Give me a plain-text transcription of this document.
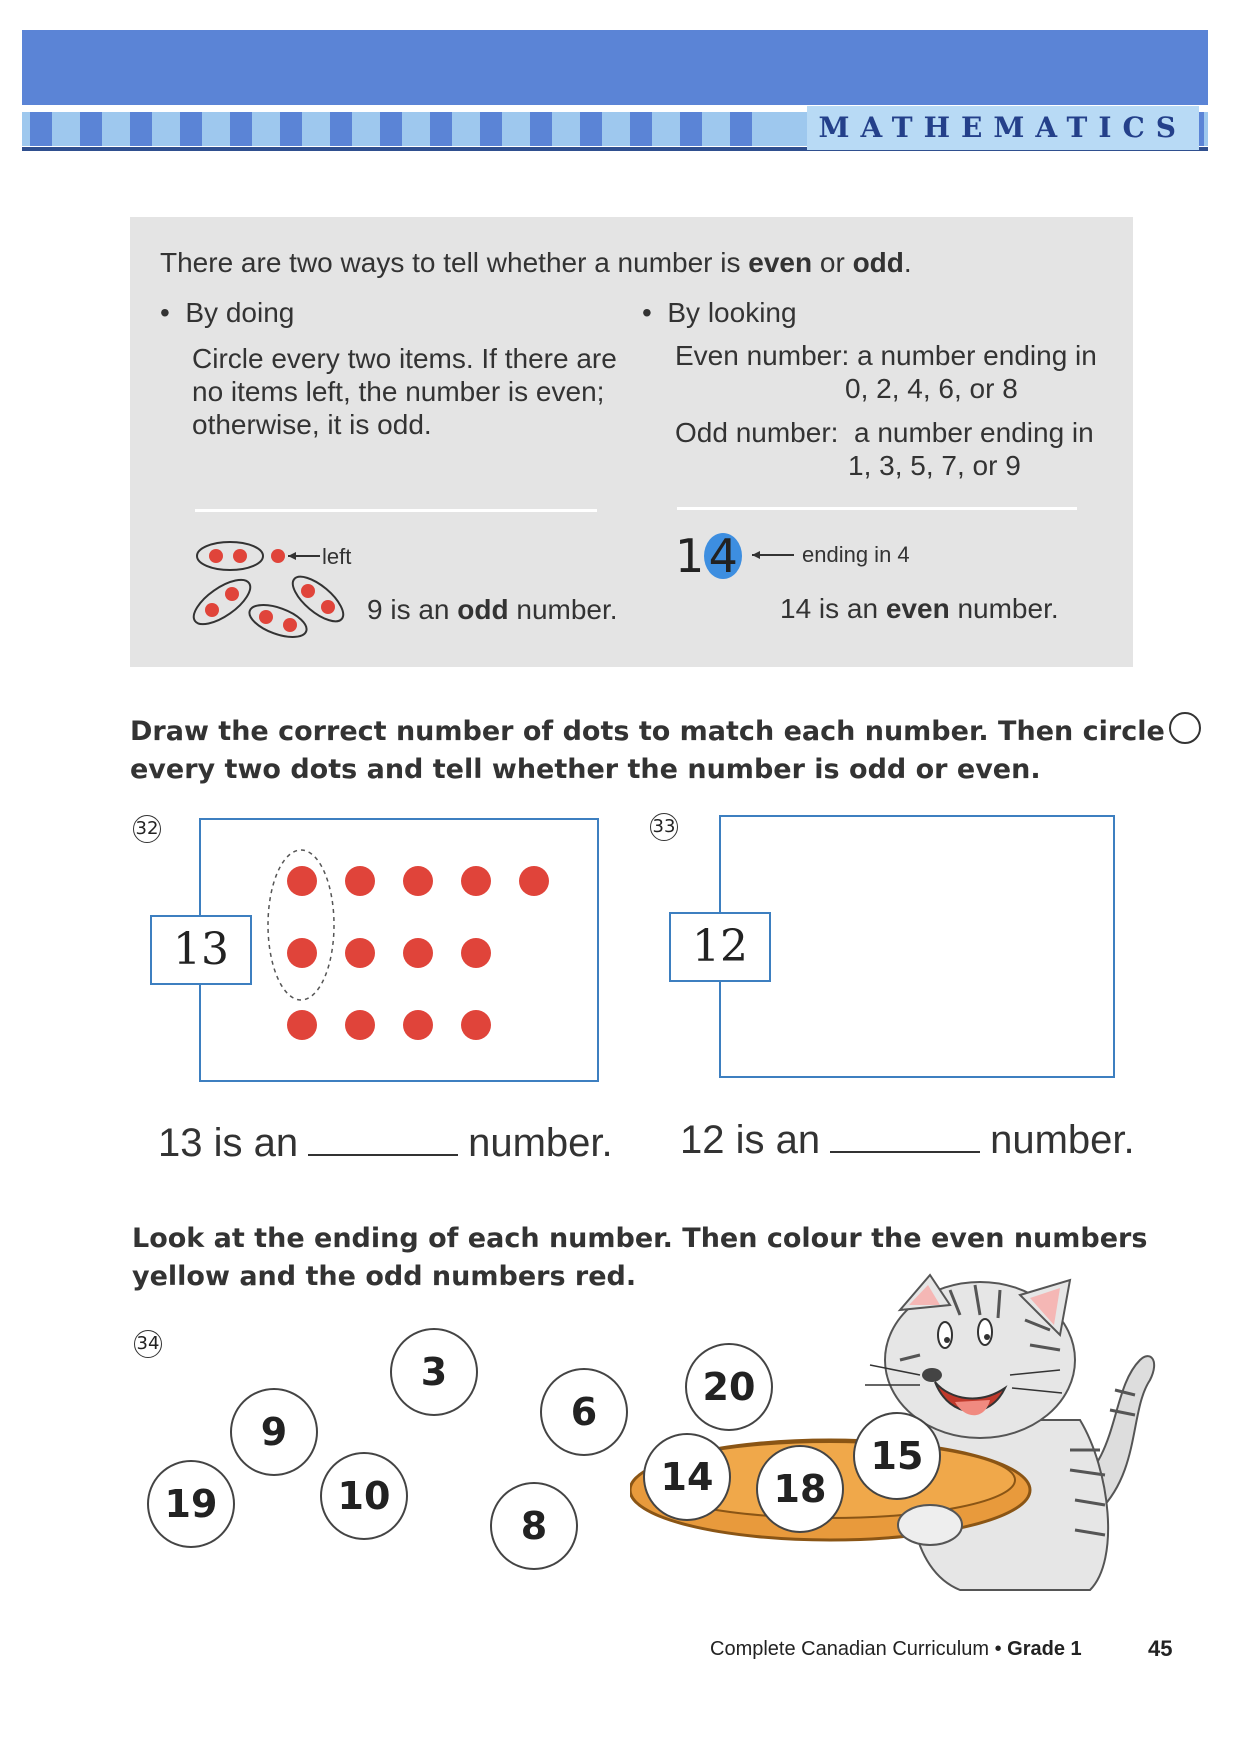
MATHEMATICS
There are two ways to tell whether a number is even or odd.
•  By doing
Circle every two items. If there are
no items left, the number is even;
otherwise, it is odd.
left
9 is an odd number.
•  By looking
Even number: a number ending in
0, 2, 4, 6, or 8
Odd number: a number ending in
1, 3, 5, 7, or 9
14	ending in 4
14 is an even number.
Draw the correct number of dots to match each number. Then circle
every two dots and tell whether the number is odd or even.
32
13
13 is an	number.
33
12
12 is an	number.
Look at the ending of each number. Then colour the even numbers
yellow and the odd numbers red.
34
3
9	6
19	10
8
20
14	18
15
Complete Canadian Curriculum • Grade 1	45
